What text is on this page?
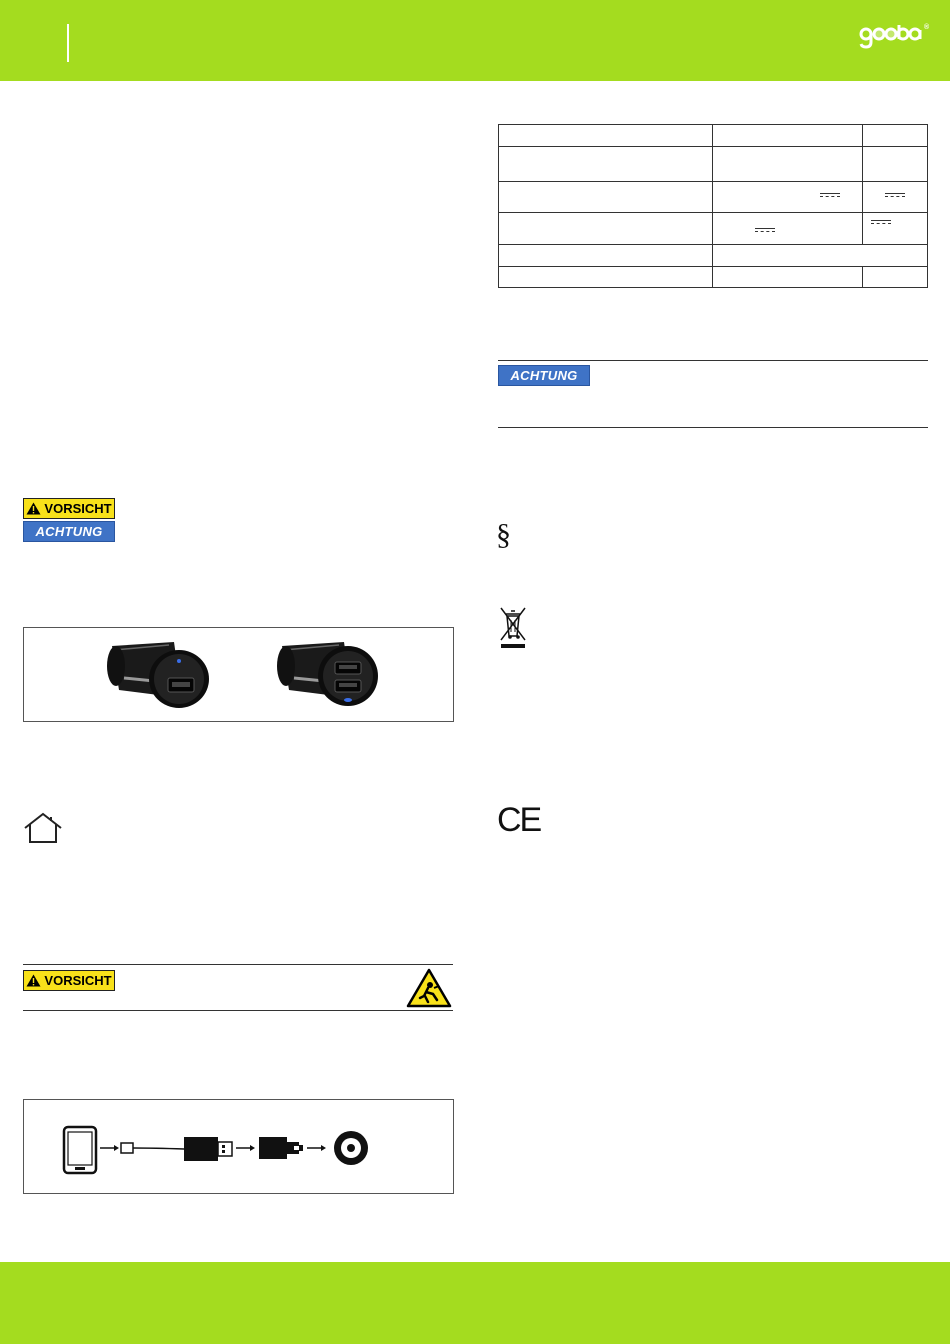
®
VORSICHT
ACHTUNG
VORSICHT

ACHTUNG
§
CE
